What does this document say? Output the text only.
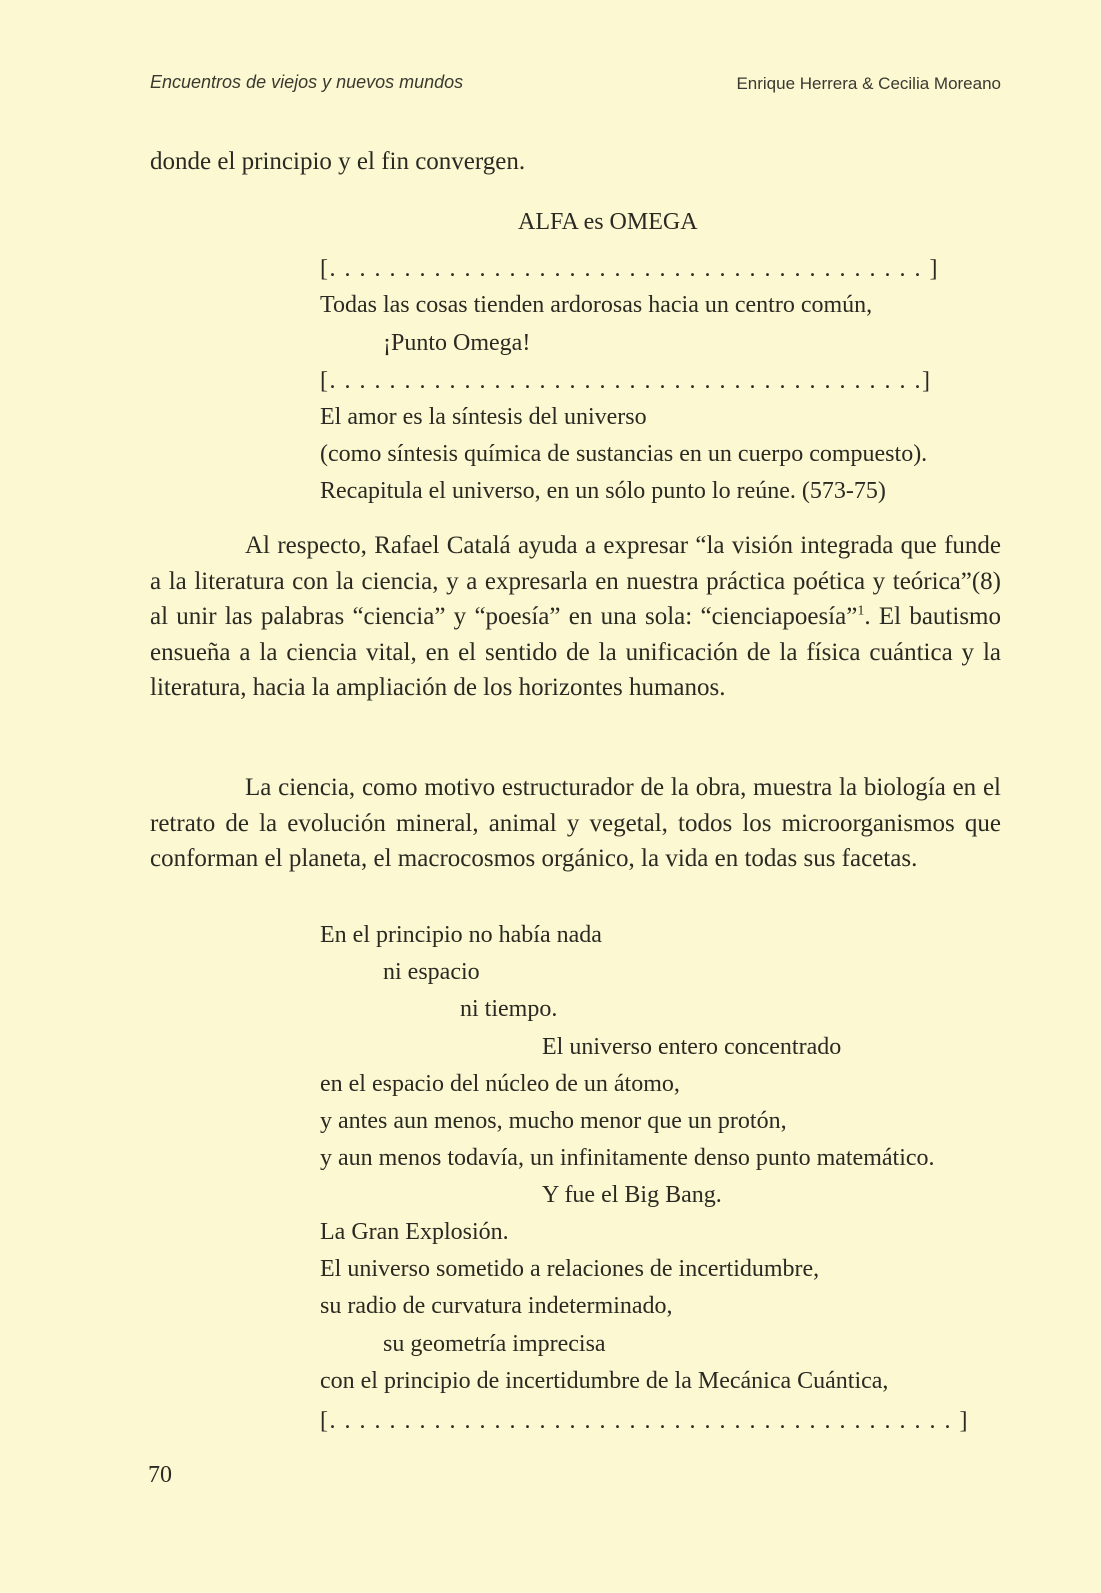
Encuentros de viejos y nuevos mundos	Enrique Herrera & Cecilia Moreano
donde el principio y el fin convergen.
ALFA es OMEGA
[. . . . . . . . . . . . . . . . . . . . . . . . . . . . . . . . . . . . . . . . ]
Todas las cosas tienden ardorosas hacia un centro común,
¡Punto Omega!
[. . . . . . . . . . . . . . . . . . . . . . . . . . . . . . . . . . . . . . . .]
El amor es la síntesis del universo
(como síntesis química de sustancias en un cuerpo compuesto).
Recapitula el universo, en un sólo punto lo reúne. (573-75)

Al respecto, Rafael Catalá ayuda a expresar “la visión integrada que funde a la literatura con la ciencia, y a expresarla en nuestra práctica poética y teórica”(8) al unir las palabras “ciencia” y “poesía” en una sola: “cienciapoesía”$^1$. El bautismo ensueña a la ciencia vital, en el sentido de la unificación de la física cuántica y la literatura, hacia la ampliación de los horizontes humanos.

La ciencia, como motivo estructurador de la obra, muestra la biología en el retrato de la evolución mineral, animal y vegetal, todos los microorganismos que conforman el planeta, el macrocosmos orgánico, la vida en todas sus facetas.

En el principio no había nada
ni espacio
ni tiempo.
El universo entero concentrado
en el espacio del núcleo de un átomo,
y antes aun menos, mucho menor que un protón,
y aun menos todavía, un infinitamente denso punto matemático.
Y fue el Big Bang.
La Gran Explosión.
El universo sometido a relaciones de incertidumbre,
su radio de curvatura indeterminado,
su geometría imprecisa
con el principio de incertidumbre de la Mecánica Cuántica,
[. . . . . . . . . . . . . . . . . . . . . . . . . . . . . . . . . . . . . . . . . . ]
70
